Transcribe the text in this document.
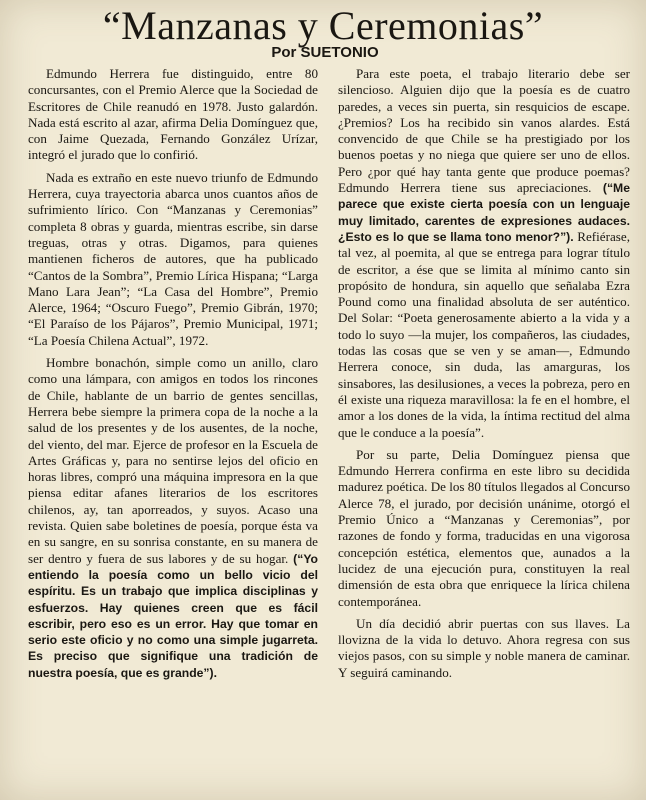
“Manzanas y Ceremonias”
Por SUETONIO

Edmundo Herrera fue distinguido, entre 80 concursantes, con el Premio Alerce que la Sociedad de Escritores de Chile reanudó en 1978. Justo galardón. Nada está escrito al azar, afirma Delia Domínguez que, con Jaime Quezada, Fernando González Urízar, integró el jurado que lo confirió.

Nada es extraño en este nuevo triunfo de Edmundo Herrera, cuya trayectoria abarca unos cuantos años de sufrimiento lírico. Con “Manzanas y Ceremonias” completa 8 obras y guarda, mientras escribe, sin darse treguas, otras y otras. Digamos, para quienes mantienen ficheros de autores, que ha publicado “Cantos de la Sombra”, Premio Lírica Hispana; “Larga Mano Lara Jean”; “La Casa del Hombre”, Premio Alerce, 1964; “Oscuro Fuego”, Premio Gibrán, 1970; “El Paraíso de los Pájaros”, Premio Municipal, 1971; “La Poesía Chilena Actual”, 1972.

Hombre bonachón, simple como un anillo, claro como una lámpara, con amigos en todos los rincones de Chile, hablante de un barrio de gentes sencillas, Herrera bebe siempre la primera copa de la noche a la salud de los presentes y de los ausentes, de la noche, del viento, del mar. Ejerce de profesor en la Escuela de Artes Gráficas y, para no sentirse lejos del oficio en horas libres, compró una máquina impresora en la que piensa editar afanes literarios de los escritores chilenos, ay, tan aporreados, y suyos. Acaso una revista. Quien sabe boletines de poesía, porque ésta va en su sangre, en su sonrisa constante, en su manera de ser dentro y fuera de sus labores y de su hogar. (“Yo entiendo la poesía como un bello vicio del espíritu. Es un trabajo que implica disciplinas y esfuerzos. Hay quienes creen que es fácil escribir, pero eso es un error. Hay que tomar en serio este oficio y no como una simple jugarreta. Es preciso que signifique una tradición de nuestra poesía, que es grande”).

Para este poeta, el trabajo literario debe ser silencioso. Alguien dijo que la poesía es de cuatro paredes, a veces sin puerta, sin resquicios de escape. ¿Premios? Los ha recibido sin vanos alardes. Está convencido de que Chile se ha prestigiado por los buenos poetas y no niega que quiere ser uno de ellos. Pero ¿por qué hay tanta gente que produce poemas? Edmundo Herrera tiene sus apreciaciones. (“Me parece que existe cierta poesía con un lenguaje muy limitado, carentes de expresiones audaces. ¿Esto es lo que se llama tono menor?”). Refiérase, tal vez, al poemita, al que se entrega para lograr título de escritor, a ése que se limita al mínimo canto sin propósito de hondura, sin aquello que señalaba Ezra Pound como una finalidad absoluta de ser auténtico. Del Solar: “Poeta generosamente abierto a la vida y a todo lo suyo —la mujer, los compañeros, las ciudades, todas las cosas que se ven y se aman—, Edmundo Herrera conoce, sin duda, las amarguras, los sinsabores, las desilusiones, a veces la pobreza, pero en él existe una riqueza maravillosa: la fe en el hombre, el amor a los dones de la vida, la íntima rectitud del alma que le conduce a la poesía”.

Por su parte, Delia Domínguez piensa que Edmundo Herrera confirma en este libro su decidida madurez poética. De los 80 títulos llegados al Concurso Alerce 78, el jurado, por decisión unánime, otorgó el Premio Único a “Manzanas y Ceremonias”, por razones de fondo y forma, traducidas en una vigorosa concepción estética, elementos que, aunados a la lucidez de una ejecución pura, constituyen la real dimensión de esta obra que enriquece la lírica chilena contemporánea.

Un día decidió abrir puertas con sus llaves. La lloviznа de la vida lo detuvo. Ahora regresa con sus viejos pasos, con su simple y noble manera de caminar. Y seguirá caminando.
